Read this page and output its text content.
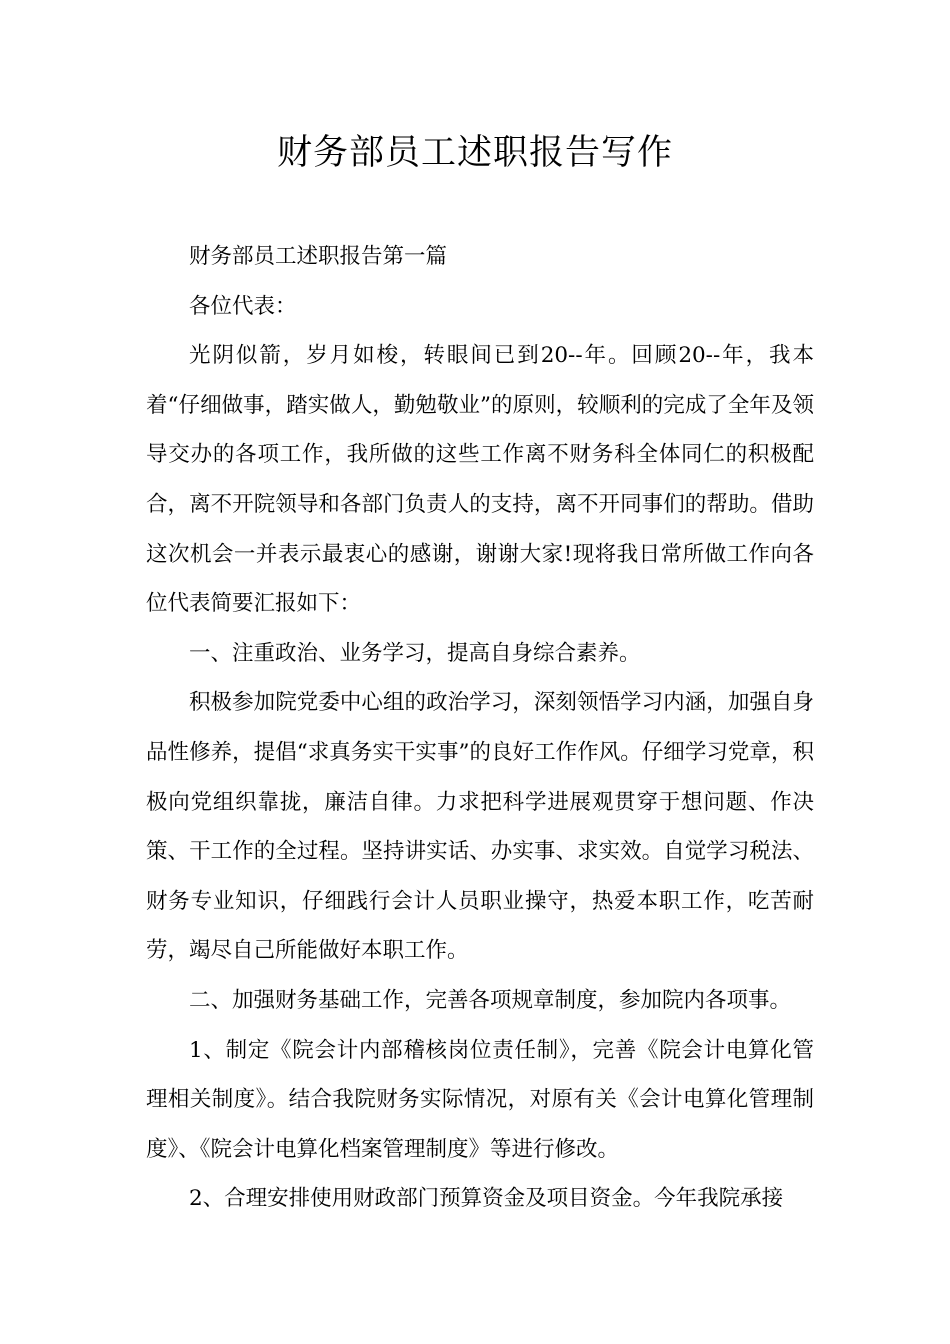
财务部员工述职报告写作

财务部员工述职报告第一篇

各位代表：

光阴似箭，岁月如梭，转眼间已到20--年。回顾20--年，我本着“仔细做事，踏实做人，勤勉敬业”的原则，较顺利的完成了全年及领导交办的各项工作，我所做的这些工作离不财务科全体同仁的积极配合，离不开院领导和各部门负责人的支持，离不开同事们的帮助。借助这次机会一并表示最衷心的感谢，谢谢大家!现将我日常所做工作向各位代表简要汇报如下：

一、注重政治、业务学习，提高自身综合素养。

积极参加院党委中心组的政治学习，深刻领悟学习内涵，加强自身品性修养，提倡“求真务实干实事”的良好工作作风。仔细学习党章，积极向党组织靠拢，廉洁自律。力求把科学进展观贯穿于想问题、作决策、干工作的全过程。坚持讲实话、办实事、求实效。自觉学习税法、财务专业知识，仔细践行会计人员职业操守，热爱本职工作，吃苦耐劳，竭尽自己所能做好本职工作。

二、加强财务基础工作，完善各项规章制度，参加院内各项事。

1、制定《院会计内部稽核岗位责任制》，完善《院会计电算化管理相关制度》。结合我院财务实际情况，对原有关《会计电算化管理制度》、《院会计电算化档案管理制度》等进行修改。

2、合理安排使用财政部门预算资金及项目资金。今年我院承接
